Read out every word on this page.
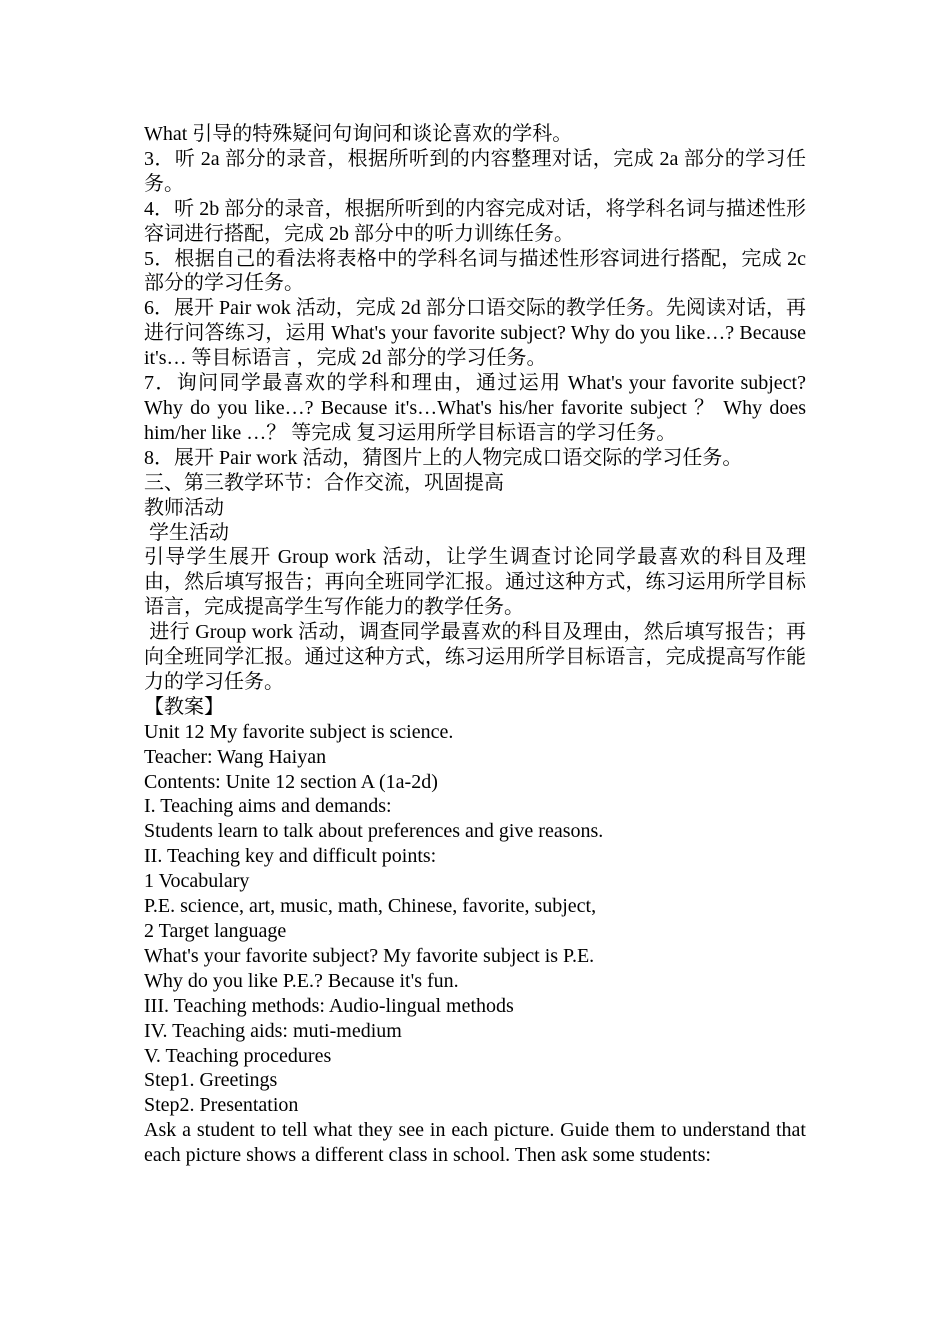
What 引导的特殊疑问句询问和谈论喜欢的学科。

3．听 2a 部分的录音，根据所听到的内容整理对话，完成 2a 部分的学习任务。

4．听 2b 部分的录音，根据所听到的内容完成对话，将学科名词与描述性形容词进行搭配，完成 2b 部分中的听力训练任务。

5．根据自己的看法将表格中的学科名词与描述性形容词进行搭配，完成 2c 部分的学习任务。

6．展开 Pair wok 活动，完成 2d 部分口语交际的教学任务。先阅读对话，再进行问答练习，运用 What's your favorite subject? Why do you like…? Because it's… 等目标语言 ，完成 2d 部分的学习任务。

7．询问同学最喜欢的学科和理由，通过运用 What's your favorite subject? Why do you like…? Because it's…What's his/her favorite subject ？ Why does him/her like …？ 等完成 复习运用所学目标语言的学习任务。

8．展开 Pair work 活动，猜图片上的人物完成口语交际的学习任务。

三、第三教学环节：合作交流，巩固提高

教师活动

学生活动

引导学生展开 Group work 活动，让学生调查讨论同学最喜欢的科目及理由，然后填写报告；再向全班同学汇报。通过这种方式，练习运用所学目标语言，完成提高学生写作能力的教学任务。

进行 Group work 活动，调查同学最喜欢的科目及理由，然后填写报告；再向全班同学汇报。通过这种方式，练习运用所学目标语言，完成提高写作能力的学习任务。

【教案】

Unit 12 My favorite subject is science.

Teacher: Wang Haiyan

Contents: Unite 12 section A (1a-2d)

I. Teaching aims and demands:

Students learn to talk about preferences and give reasons.

II. Teaching key and difficult points:

1 Vocabulary

P.E. science, art, music, math, Chinese, favorite, subject,

2 Target language

What's your favorite subject? My favorite subject is P.E.

Why do you like P.E.? Because it's fun.

III. Teaching methods: Audio-lingual methods

IV. Teaching aids: muti-medium

V. Teaching procedures

Step1. Greetings

Step2. Presentation

Ask a student to tell what they see in each picture. Guide them to understand that each picture shows a different class in school. Then ask some students:
